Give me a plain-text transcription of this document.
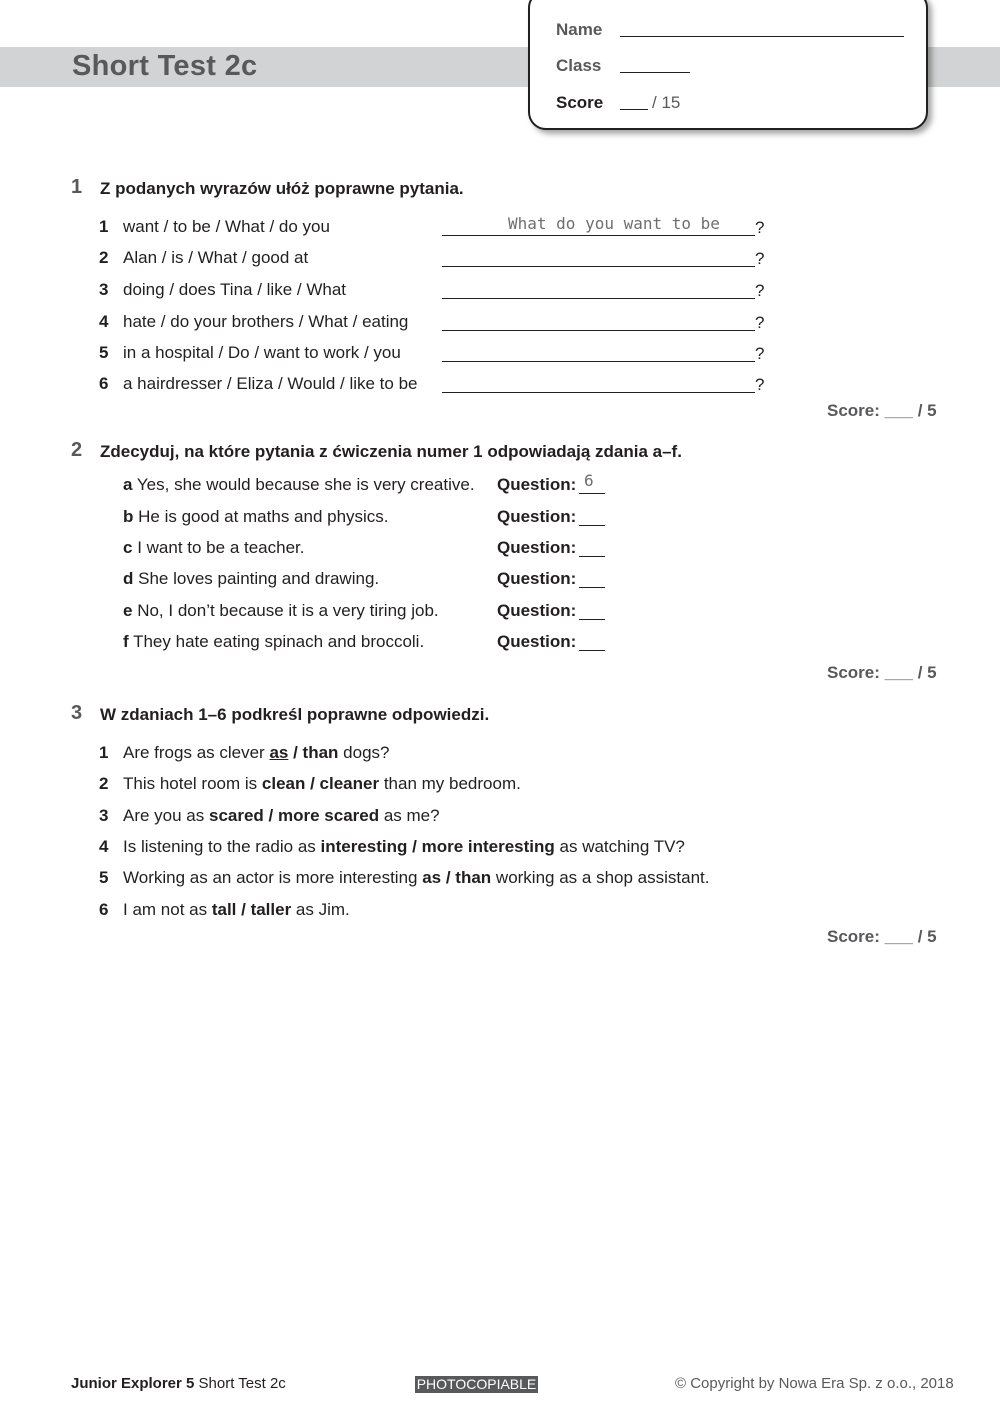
Short Test 2c
Name
Class
Score	/ 15
1 Z podanych wyrazów ułóż poprawne pytania.
1 want / to be / What / do you	?
What do you want to be
2 Alan / is / What / good at	?
3 doing / does Tina / like / What	?
4 hate / do your brothers / What / eating	?
5 in a hospital / Do / want to work / you	?
6 a hairdresser / Eliza / Would / like to be	?
Score: ___ / 5
2 Zdecyduj, na które pytania z ćwiczenia numer 1 odpowiadają zdania a–f.
a Yes, she would because she is very creative. Question: 6
b He is good at maths and physics.	Question:
c I want to be a teacher.	Question:
d She loves painting and drawing.	Question:
e No, I don’t because it is a very tiring job.	Question:
f They hate eating spinach and broccoli.	Question:
Score: ___ / 5
3 W zdaniach 1–6 podkreśl poprawne odpowiedzi.
1 Are frogs as clever as / than dogs?
2 This hotel room is clean / cleaner than my bedroom.
3 Are you as scared / more scared as me?
4 Is listening to the radio as interesting / more interesting as watching TV?
5 Working as an actor is more interesting as / than working as a shop assistant.
6 I am not as tall / taller as Jim.
Score: ___ / 5
Junior Explorer 5 Short Test 2c	PHOTOCOPIABLE	© Copyright by Nowa Era Sp. z o.o., 2018
